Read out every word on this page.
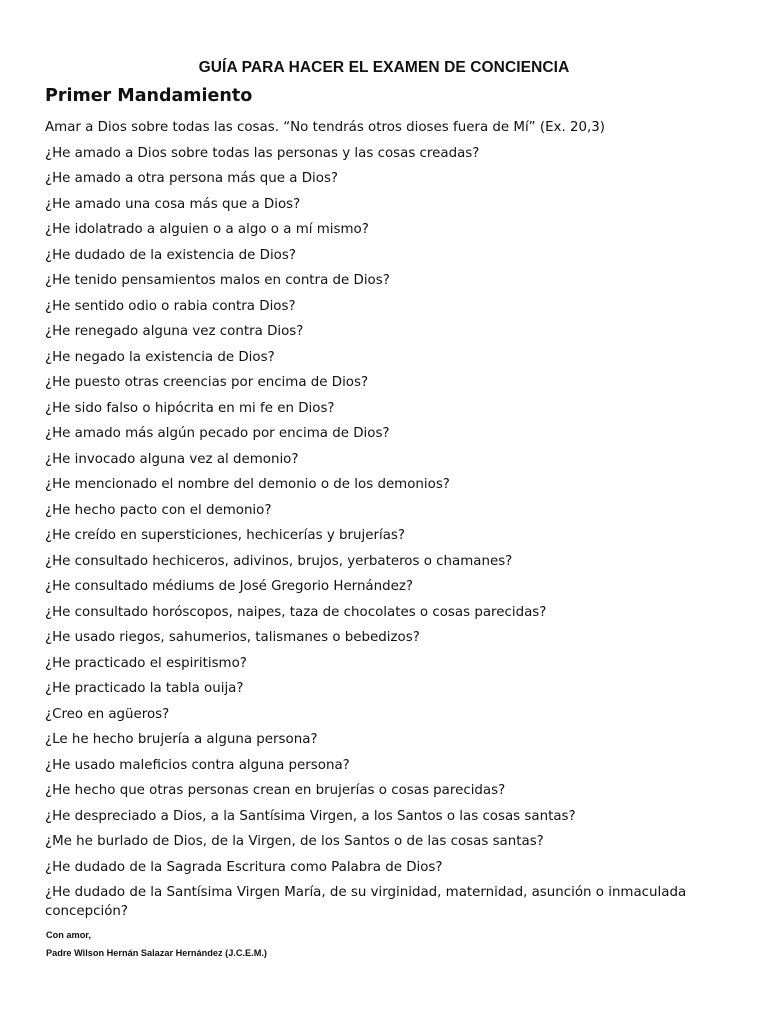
GUÍA PARA HACER EL EXAMEN DE CONCIENCIA
Primer Mandamiento
Amar a Dios sobre todas las cosas. “No tendrás otros dioses fuera de Mí” (Ex. 20,3)
¿He amado a Dios sobre todas las personas y las cosas creadas?
¿He amado a otra persona más que a Dios?
¿He amado una cosa más que a Dios?
¿He idolatrado a alguien o a algo o a mí mismo?
¿He dudado de la existencia de Dios?
¿He tenido pensamientos malos en contra de Dios?
¿He sentido odio o rabia contra Dios?
¿He renegado alguna vez contra Dios?
¿He negado la existencia de Dios?
¿He puesto otras creencias por encima de Dios?
¿He sido falso o hipócrita en mi fe en Dios?
¿He amado más algún pecado por encima de Dios?
¿He invocado alguna vez al demonio?
¿He mencionado el nombre del demonio o de los demonios?
¿He hecho pacto con el demonio?
¿He creído en supersticiones, hechicerías y brujerías?
¿He consultado hechiceros, adivinos, brujos, yerbateros o chamanes?
¿He consultado médiums de José Gregorio Hernández?
¿He consultado horóscopos, naipes, taza de chocolates o cosas parecidas?
¿He usado riegos, sahumerios, talismanes o bebedizos?
¿He practicado el espiritismo?
¿He practicado la tabla ouija?
¿Creo en agüeros?
¿Le he hecho brujería a alguna persona?
¿He usado maleficios contra alguna persona?
¿He hecho que otras personas crean en brujerías o cosas parecidas?
¿He despreciado a Dios, a la Santísima Virgen, a los Santos o las cosas santas?
¿Me he burlado de Dios, de la Virgen, de los Santos o de las cosas santas?
¿He dudado de la Sagrada Escritura como Palabra de Dios?
¿He dudado de la Santísima Virgen María, de su virginidad, maternidad, asunción o inmaculada concepción?
Con amor,
Padre Wilson Hernán Salazar Hernández (J.C.E.M.)
